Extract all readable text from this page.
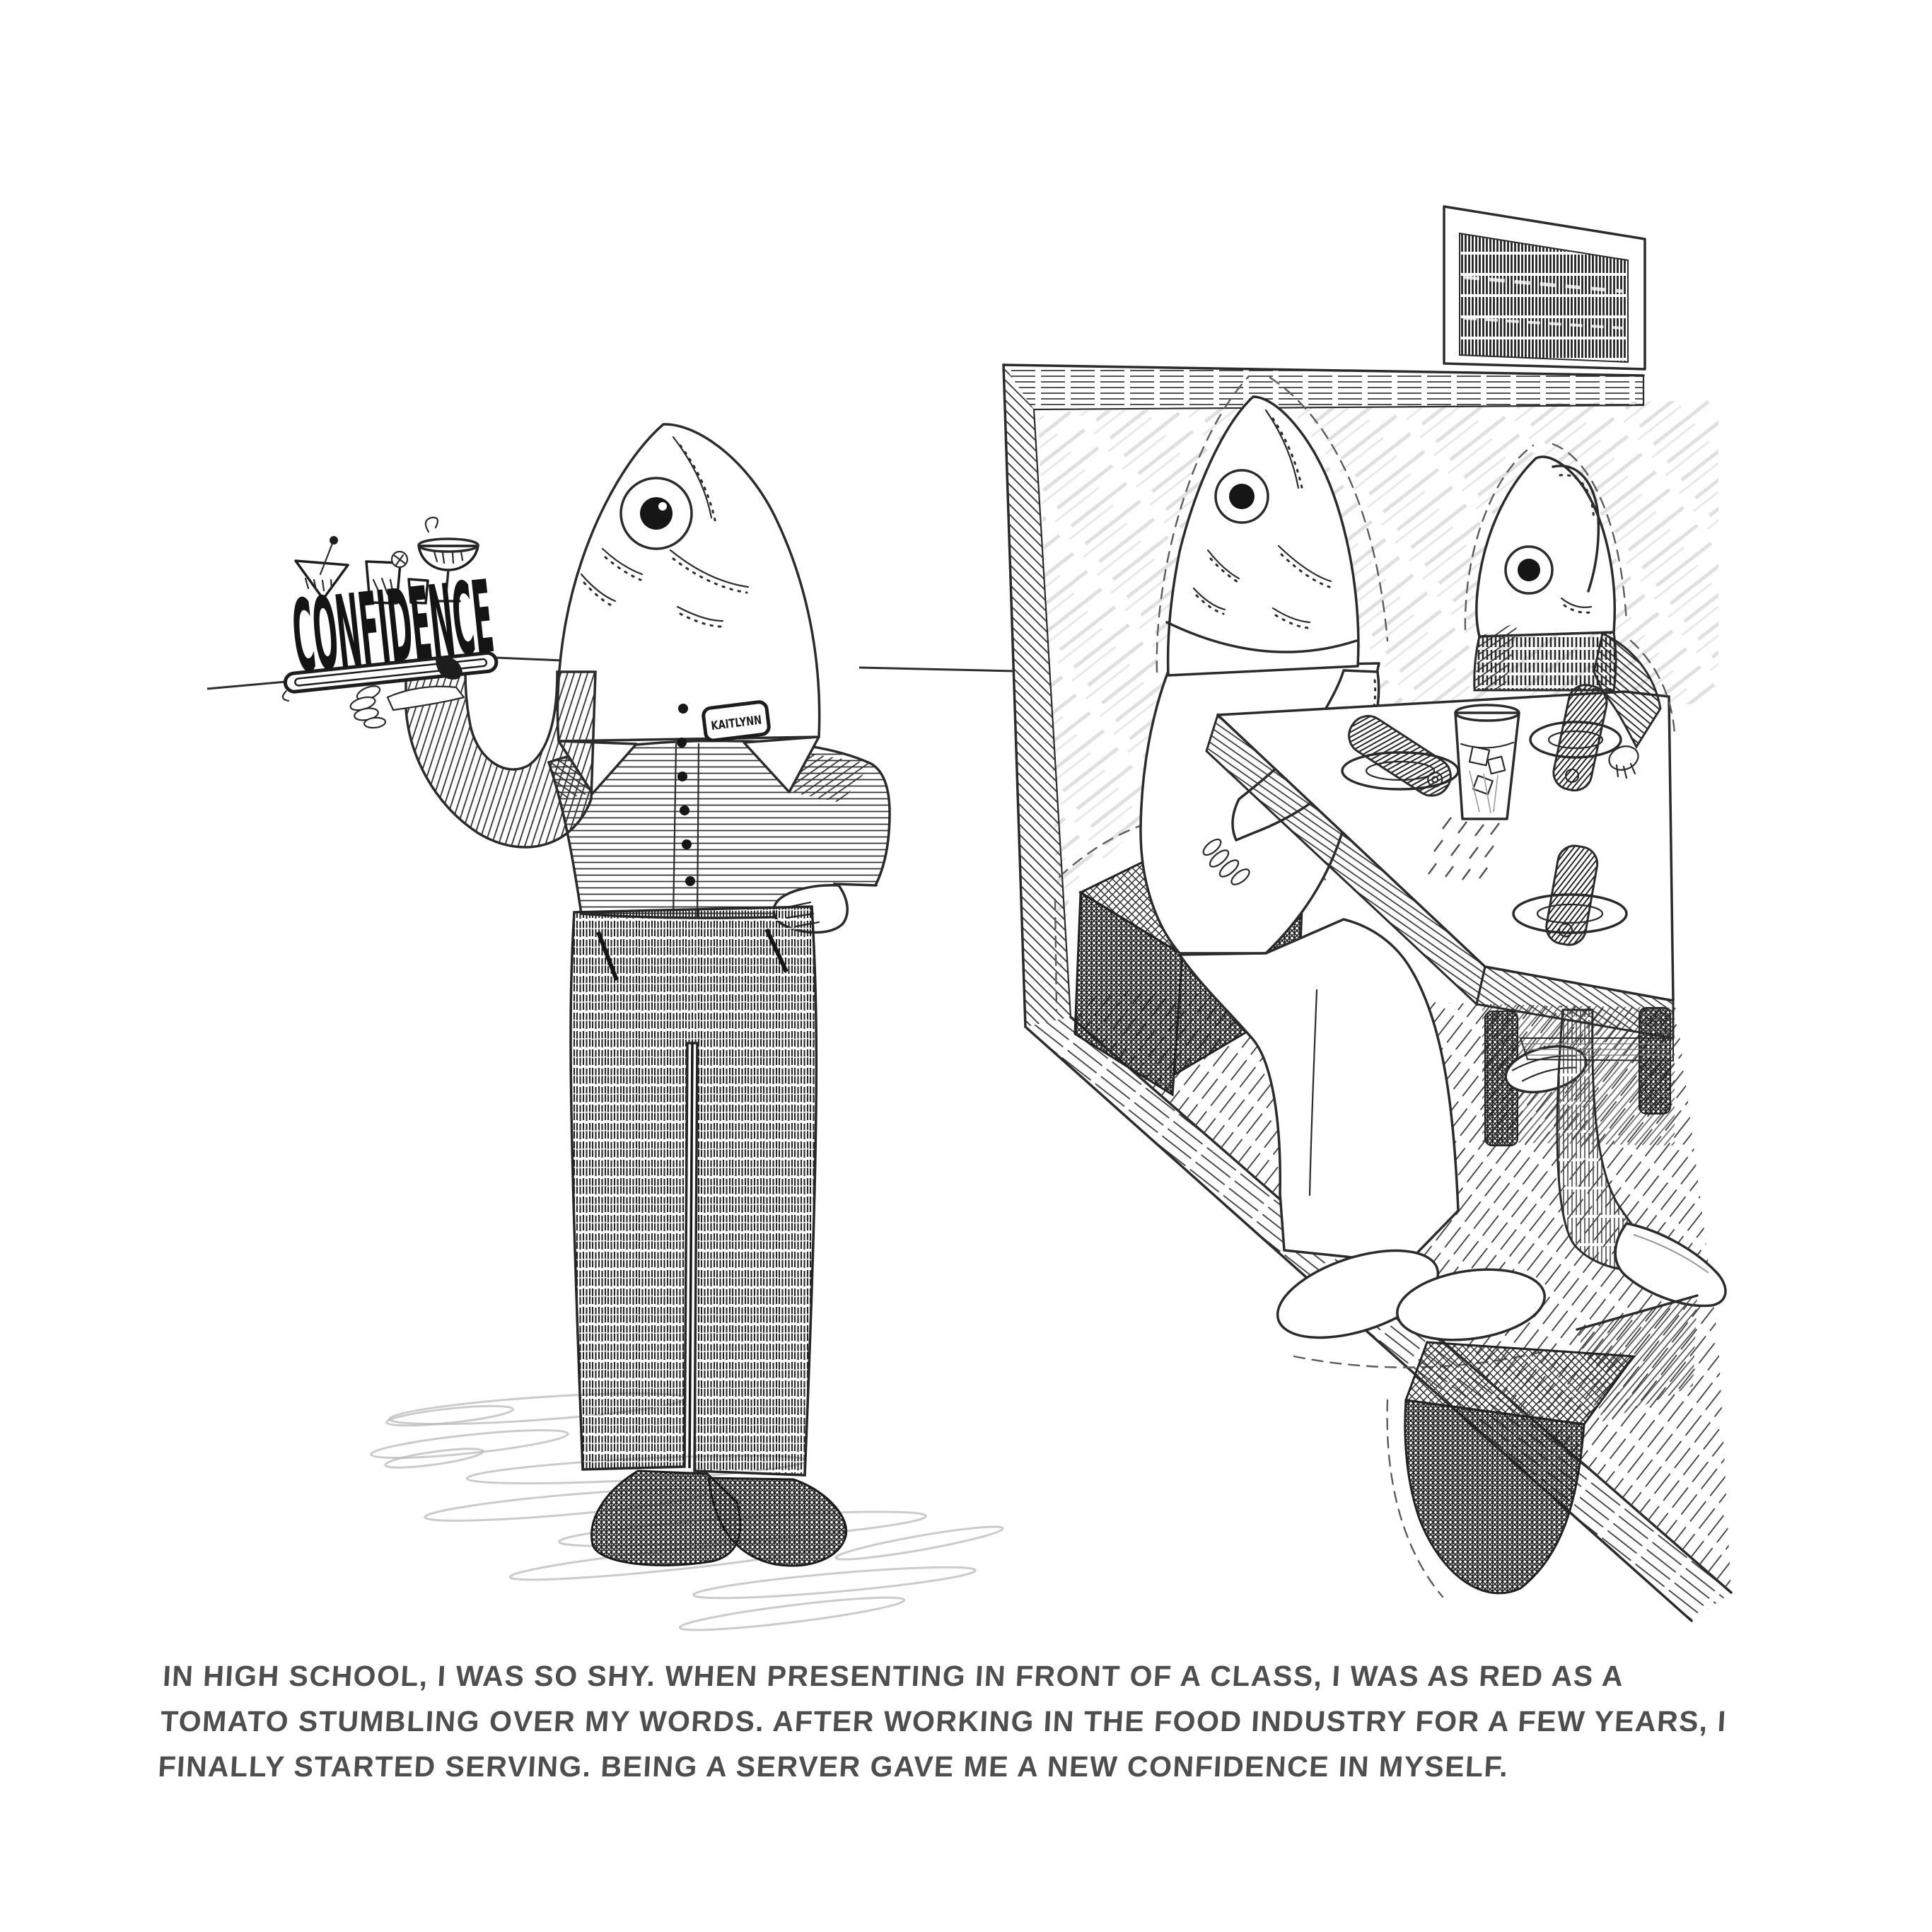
KAITLYNN
IN HIGH SCHOOL, I WAS SO SHY. WHEN PRESENTING IN FRONT OF A CLASS, I WAS AS RED AS A
TOMATO STUMBLING OVER MY WORDS. AFTER WORKING IN THE FOOD INDUSTRY FOR A FEW YEARS, I
FINALLY STARTED SERVING. BEING A SERVER GAVE ME A NEW CONFIDENCE IN MYSELF.
